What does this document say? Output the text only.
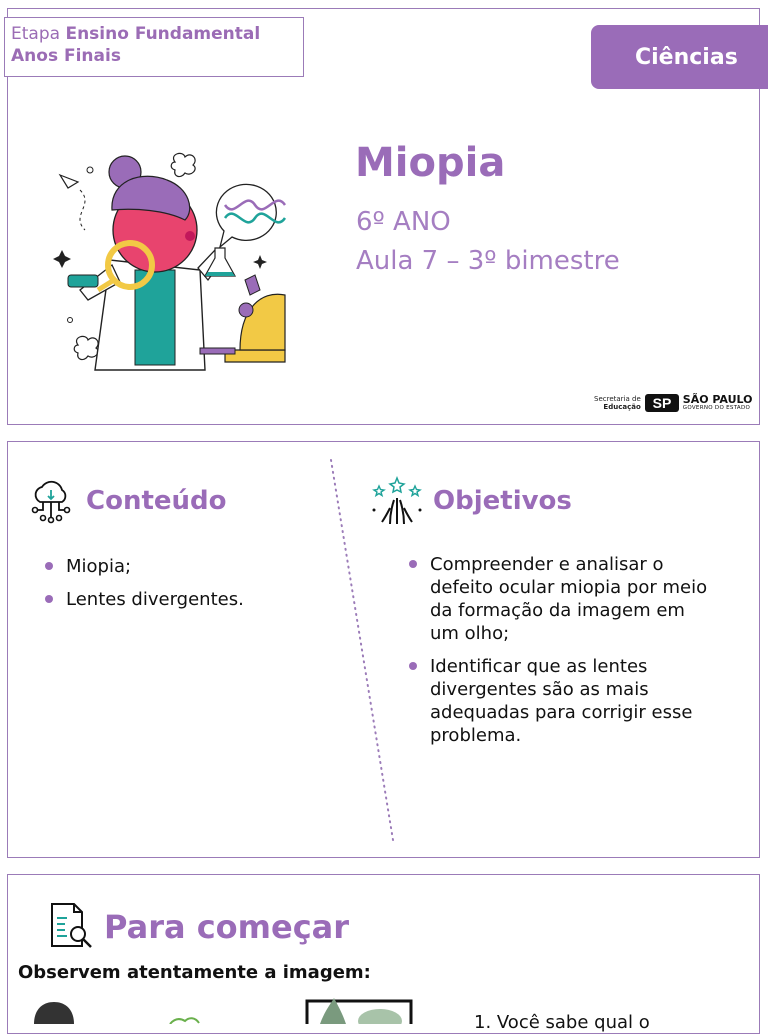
Etapa Ensino Fundamental
Anos Finais	Ciências
Miopia
6º ANO
Aula 7 – 3º bimestre
Secretaria de
Educação SP SÃO PAULO
GOVERNO DO ESTADO
Conteúdo
Miopia;
Lentes divergentes.
Objetivos
Compreender e analisar o defeito ocular miopia por meio da formação da imagem em um olho;
Identificar que as lentes divergentes são as mais adequadas para corrigir esse problema.
Para começar
Observem atentamente a imagem:
1. Você sabe qual o
